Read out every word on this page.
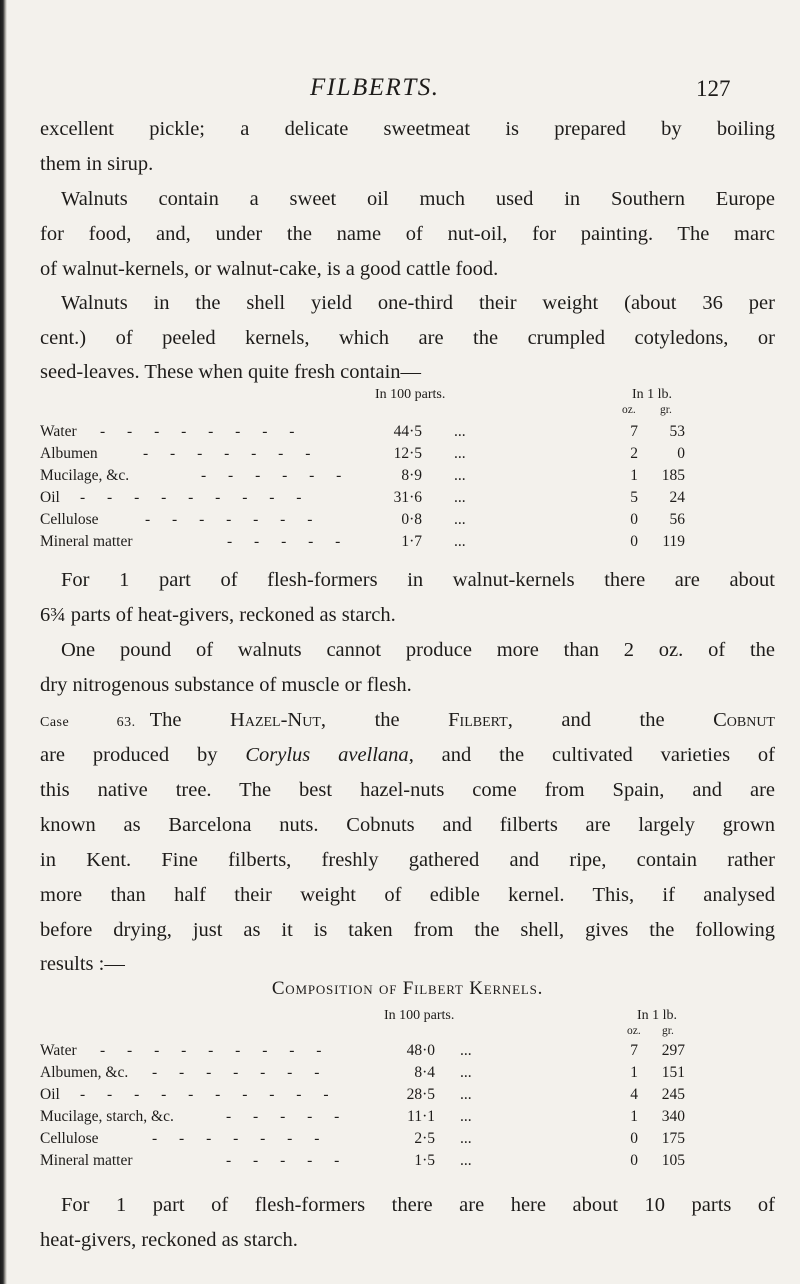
FILBERTS.	127

excellent pickle; a delicate sweetmeat is prepared by boiling

them in sirup.

Walnuts contain a sweet oil much used in Southern Europe

for food, and, under the name of nut-oil, for painting. The marc

of walnut-kernels, or walnut-cake, is a good cattle food.

Walnuts in the shell yield one-third their weight (about 36 per

cent.) of peeled kernels, which are the crumpled cotyledons, or

seed-leaves. These when quite fresh contain—

In 100 parts.	In 1 lb.
oz. gr.
Water - - - - - - - -	44·5 ...	7	53
Albumen	- - - - - - -	12·5 ...	2	0
Mucilage, &c.	- - - - - -	8·9 ...	1	185
Oil - - - - - - - - -	31·6 ...	5	24
Cellulose	- - - - - - -	0·8 ...	0	56
Mineral matter	- - - - -	1·7 ...	0	119

For 1 part of flesh-formers in walnut-kernels there are about

6¾ parts of heat-givers, reckoned as starch.

One pound of walnuts cannot produce more than 2 oz. of the

dry nitrogenous substance of muscle or flesh.

Case 63. The Hazel-Nut, the Filbert, and the Cobnut

are produced by Corylus avellana, and the cultivated varieties of

this native tree. The best hazel-nuts come from Spain, and are

known as Barcelona nuts. Cobnuts and filberts are largely grown

in Kent. Fine filberts, freshly gathered and ripe, contain rather

more than half their weight of edible kernel. This, if analysed

before drying, just as it is taken from the shell, gives the following

results :—

Composition of Filbert Kernels.
In 100 parts.	In 1 lb.
oz. gr.
Water - - - - - - - - -	48·0 ...	7	297
Albumen, &c. - - - - - - -	8·4 ...	1	151
Oil - - - - - - - - - -	28·5 ...	4	245
Mucilage, starch, &c.	- - - - -	11·1 ...	1	340
Cellulose	- - - - - - -	2·5 ...	0	175
Mineral matter	- - - - -	1·5 ...	0	105

For 1 part of flesh-formers there are here about 10 parts of

heat-givers, reckoned as starch.
